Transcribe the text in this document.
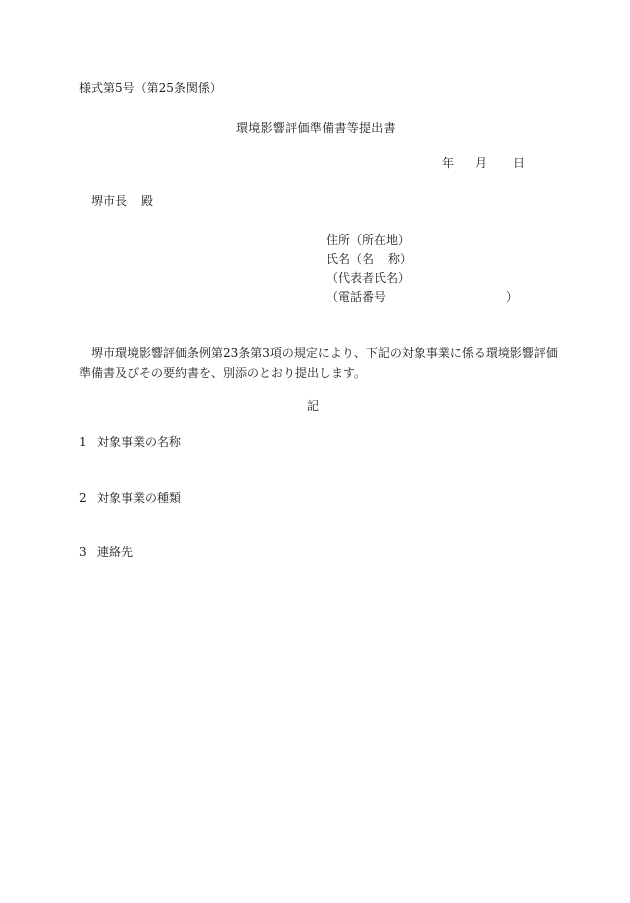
様式第5号（第25条関係）
環境影響評価準備書等提出書
年 月 日
堺市長 殿
住所（所在地）
氏名（名 称）
（代表者氏名）
（電話番号	）
堺市環境影響評価条例第23条第3項の規定により、下記の対象事業に係る環境影響評価準備書及びその要約書を、別添のとおり提出します。
記
1 対象事業の名称
2 対象事業の種類
3 連絡先
